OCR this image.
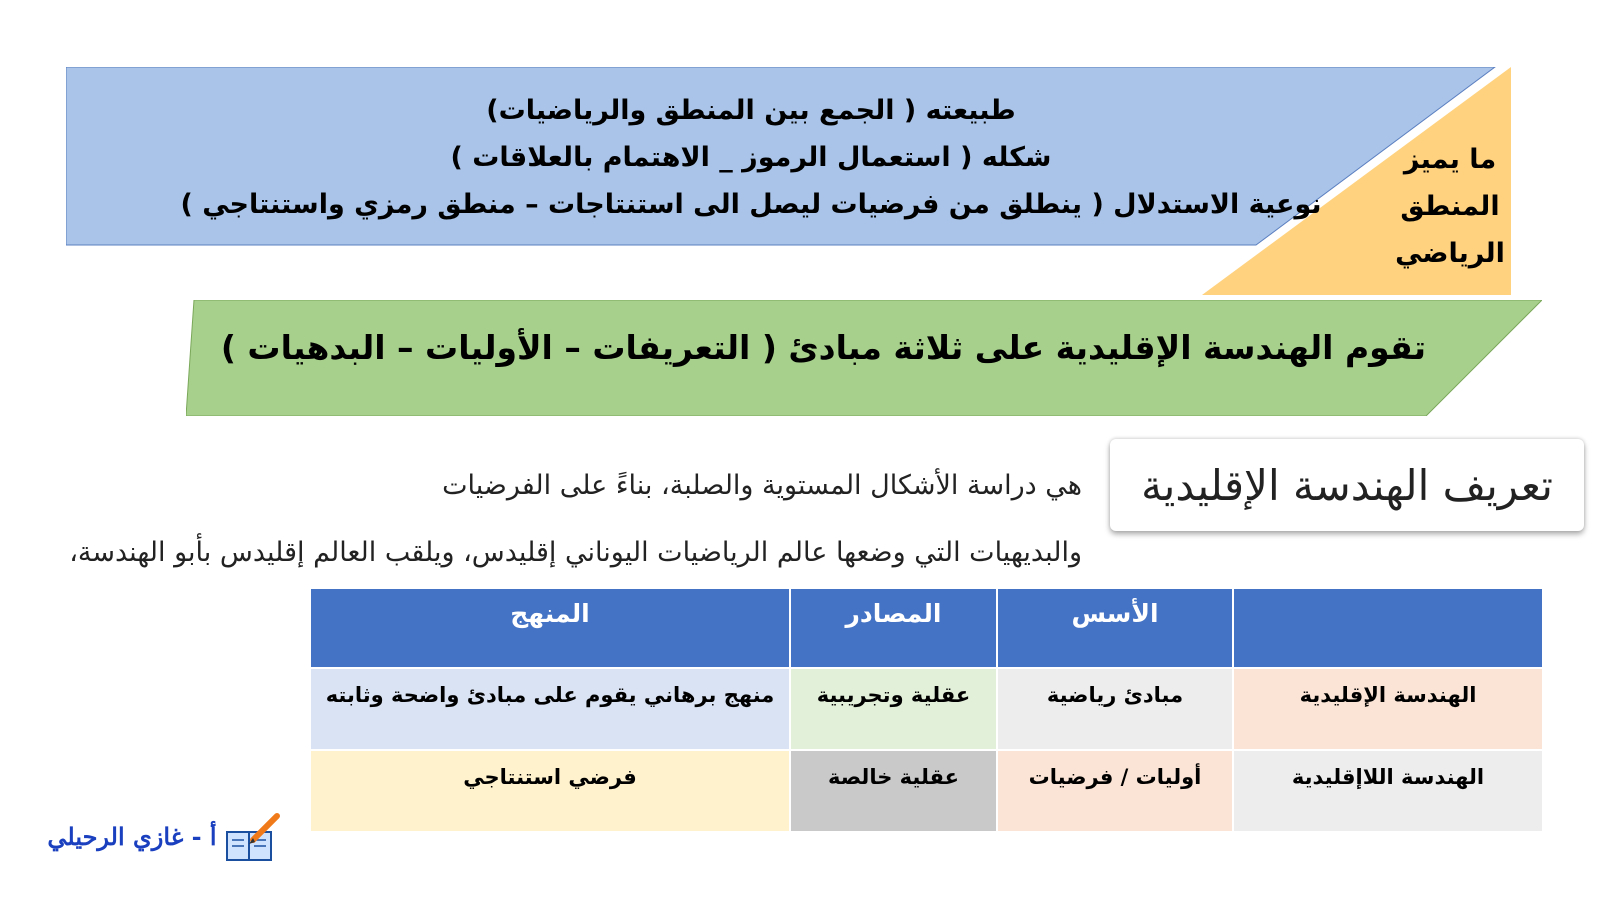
طبيعته ( الجمع بين المنطق والرياضيات)
شكله ( استعمال الرموز _ الاهتمام بالعلاقات )
نوعية الاستدلال ( ينطلق من فرضيات ليصل الى استنتاجات – منطق رمزي واستنتاجي )
ما يميز
المنطق
الرياضي
تقوم الهندسة الإقليدية على ثلاثة مبادئ ( التعريفات – الأوليات – البدهيات )
تعريف الهندسة الإقليدية
هي دراسة الأشكال المستوية والصلبة، بناءً على الفرضيات
والبديهيات التي وضعها عالم الرياضيات اليوناني إقليدس، ويلقب العالم إقليدس بأبو الهندسة،
	الأسس	المصادر	المنهج
الهندسة الإقليدية	مبادئ رياضية	عقلية وتجريبية	منهج برهاني يقوم على مبادئ واضحة وثابته
الهندسة اللاإقليدية	أوليات / فرضيات	عقلية خالصة	فرضي استنتاجي
أ - غازي الرحيلي
